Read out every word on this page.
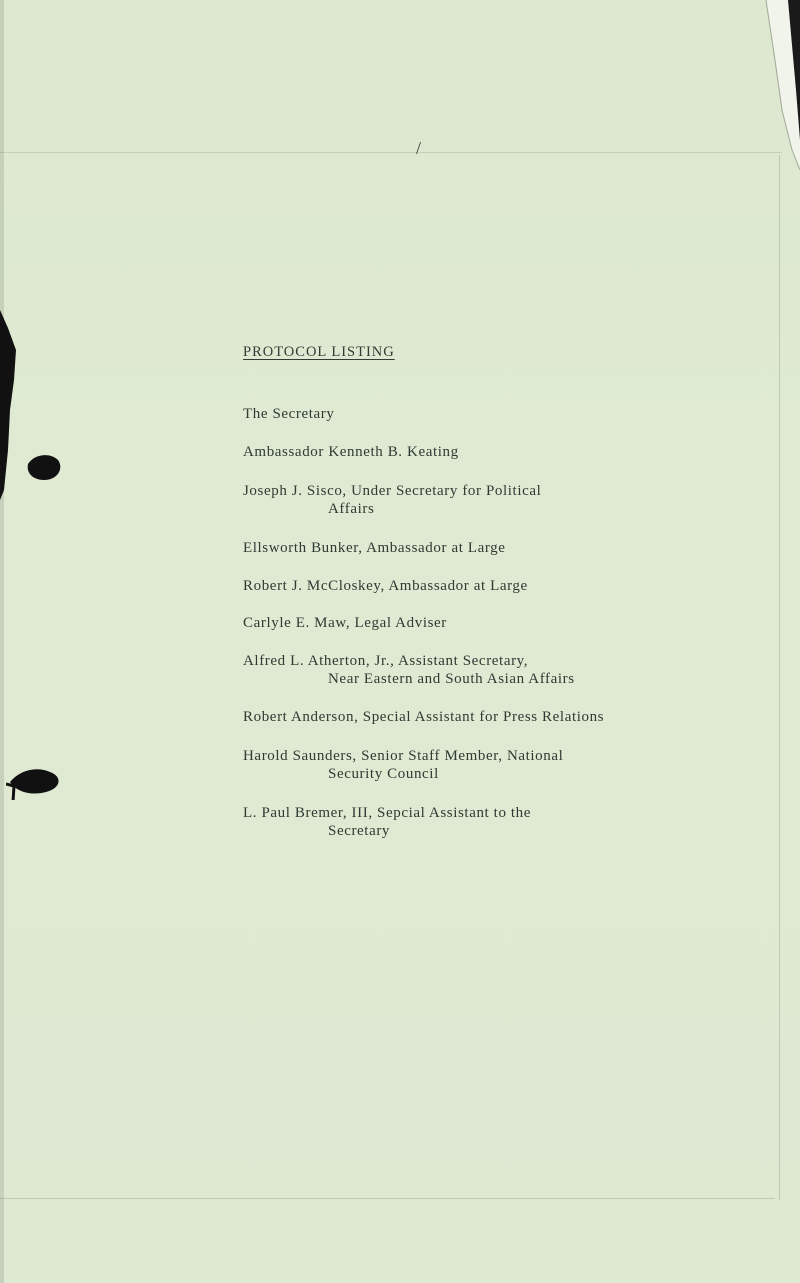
/
PROTOCOL LISTING

The Secretary

Ambassador Kenneth B. Keating

Joseph J. Sisco, Under Secretary for Political
Affairs

Ellsworth Bunker, Ambassador at Large

Robert J. McCloskey, Ambassador at Large

Carlyle E. Maw, Legal Adviser

Alfred L. Atherton, Jr., Assistant Secretary,
Near Eastern and South Asian Affairs

Robert Anderson, Special Assistant for Press Relations

Harold Saunders, Senior Staff Member, National
Security Council

L. Paul Bremer, III, Sepcial Assistant to the
Secretary
